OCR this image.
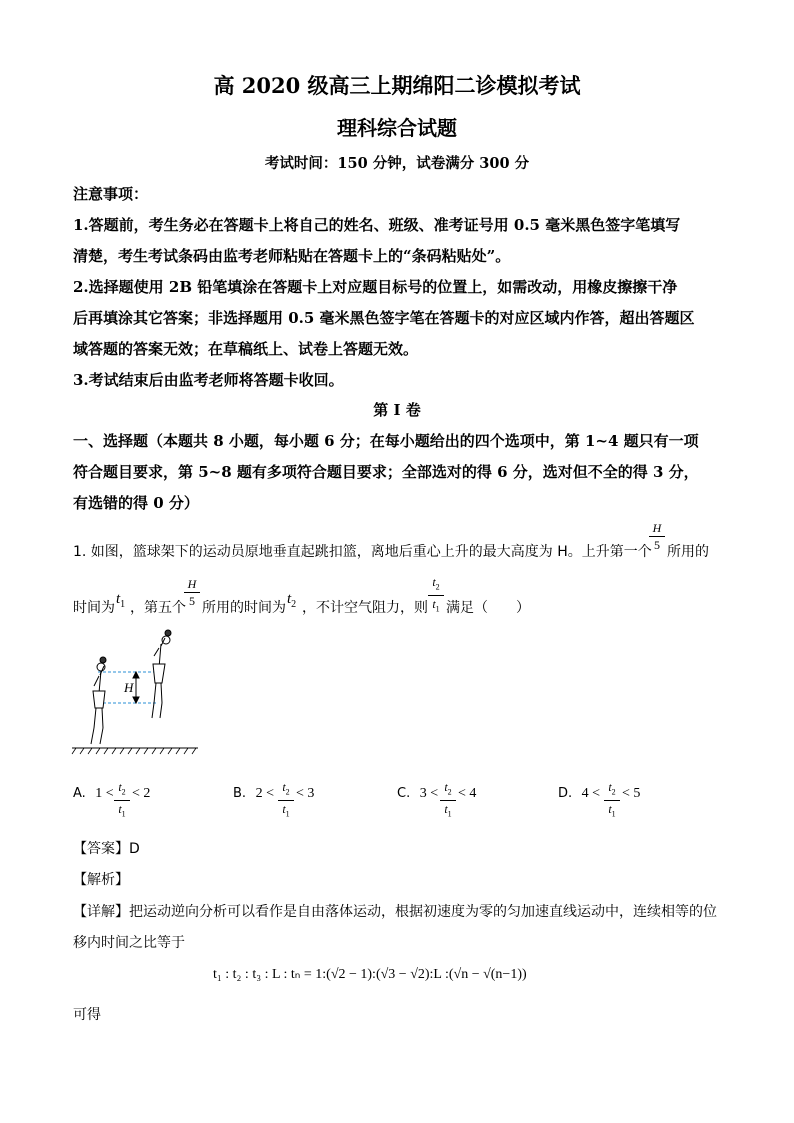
高 2020 级高三上期绵阳二诊模拟考试
理科综合试题
考试时间：150 分钟，试卷满分 300 分
注意事项：
1.答题前，考生务必在答题卡上将自己的姓名、班级、准考证号用 0.5 毫米黑色签字笔填写
清楚，考生考试条码由监考老师粘贴在答题卡上的“条码粘贴处”。
2.选择题使用 2B 铅笔填涂在答题卡上对应题目标号的位置上，如需改动，用橡皮擦擦干净
后再填涂其它答案；非选择题用 0.5 毫米黑色签字笔在答题卡的对应区域内作答，超出答题区
域答题的答案无效；在草稿纸上、试卷上答题无效。
3.考试结束后由监考老师将答题卡收回。
第 I 卷
一、选择题（本题共 8 小题，每小题 6 分；在每小题给出的四个选项中，第 1~4 题只有一项
符合题目要求，第 5~8 题有多项符合题目要求；全部选对的得 6 分，选对但不全的得 3 分，
有选错的得 0 分）
1. 如图，篮球架下的运动员原地垂直起跳扣篮，离地后重心上升的最大高度为 H。上升第一个
H
5 所用的
时间为
$t_1$ ，第五个
H
5 所用的时间为
$t_2$ ，不计空气阻力，则
$t_2$
$t_1$ 满足（　　）
H
A. $1 < t_2$
$t_1$
< 2	B. $2 < t_2$
$t_1$
< 3	C. $3 < t_2$
$t_1$
< 4	D. $4 < t_2$
$t_1$
< 5
【答案】D
【解析】
【详解】把运动逆向分析可以看作是自由落体运动，根据初速度为零的匀加速直线运动中，连续相等的位
移内时间之比等于
t₁ : t₂ : t₃ : L : tₙ = 1:(√2 − 1):(√3 − √2):L :(√n − √(n−1))
可得
